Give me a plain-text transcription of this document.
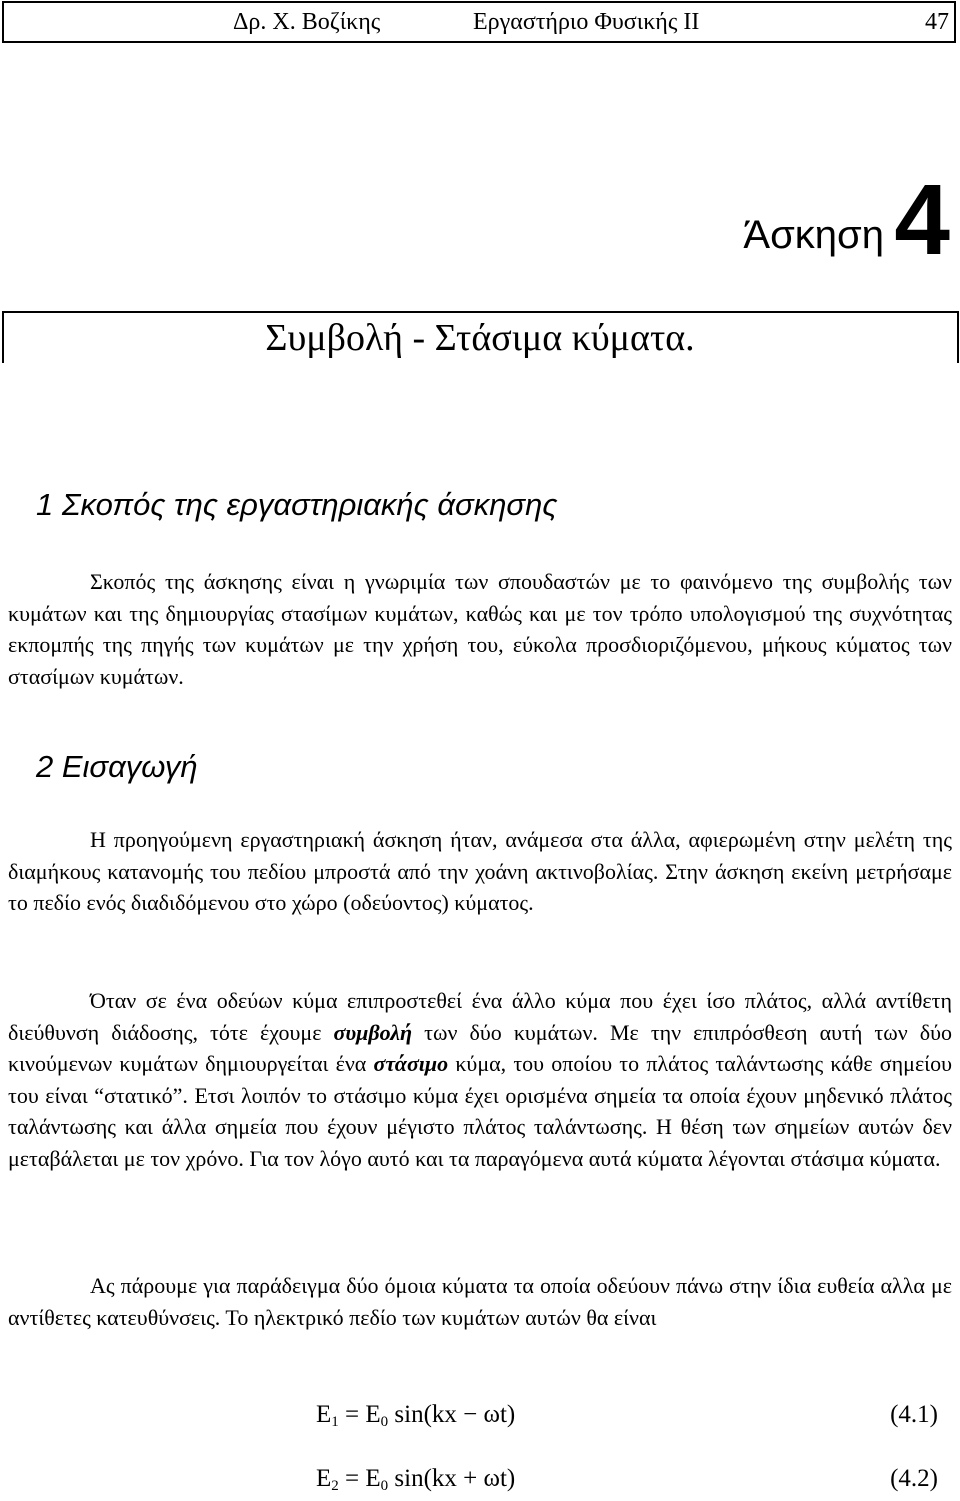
Δρ. Χ. Βοζίκης	Εργαστήριο Φυσικής ΙΙ	47
Άσκηση 4
Συμβολή - Στάσιμα κύματα.
1 Σκοπός της εργαστηριακής άσκησης

Σκοπός της άσκησης είναι η γνωριμία των σπουδαστών με το φαινόμενο της συμβολής των κυμάτων και της δημιουργίας στασίμων κυμάτων, καθώς και με τον τρόπο υπολογισμού της συχνότητας εκπομπής της πηγής των κυμάτων με την χρήση του, εύκολα προσδιοριζόμενου, μήκους κύματος των στασίμων κυμάτων.

2 Εισαγωγή

Η προηγούμενη εργαστηριακή άσκηση ήταν, ανάμεσα στα άλλα, αφιερωμένη στην μελέτη της διαμήκους κατανομής του πεδίου μπροστά από την χοάνη ακτινοβολίας. Στην άσκηση εκείνη μετρήσαμε το πεδίο ενός διαδιδόμενου στο χώρο (οδεύοντος) κύματος.

Όταν σε ένα οδεύων κύμα επιπροστεθεί ένα άλλο κύμα που έχει ίσο πλάτος, αλλά αντίθετη διεύθυνση διάδοσης, τότε έχουμε συμβολή των δύο κυμάτων. Με την επιπρόσθεση αυτή των δύο κινούμενων κυμάτων δημιουργείται ένα στάσιμο κύμα, του οποίου το πλάτος ταλάντωσης κάθε σημείου του είναι “στατικό”. Ετσι λοιπόν το στάσιμο κύμα έχει ορισμένα σημεία τα οποία έχουν μηδενικό πλάτος ταλάντωσης και άλλα σημεία που έχουν μέγιστο πλάτος ταλάντωσης. Η θέση των σημείων αυτών δεν μεταβάλεται με τον χρόνο. Για τον λόγο αυτό και τα παραγόμενα αυτά κύματα λέγονται στάσιμα κύματα.

Ας πάρουμε για παράδειγμα δύο όμοια κύματα τα οποία οδεύουν πάνω στην ίδια ευθεία αλλα με αντίθετες κατευθύνσεις. Το ηλεκτρικό πεδίο των κυμάτων αυτών θα είναι

$E_1 = E_0$ sin(kx − ωt)	(4.1)
$E_2 = E_0$ sin(kx + ωt)	(4.2)
